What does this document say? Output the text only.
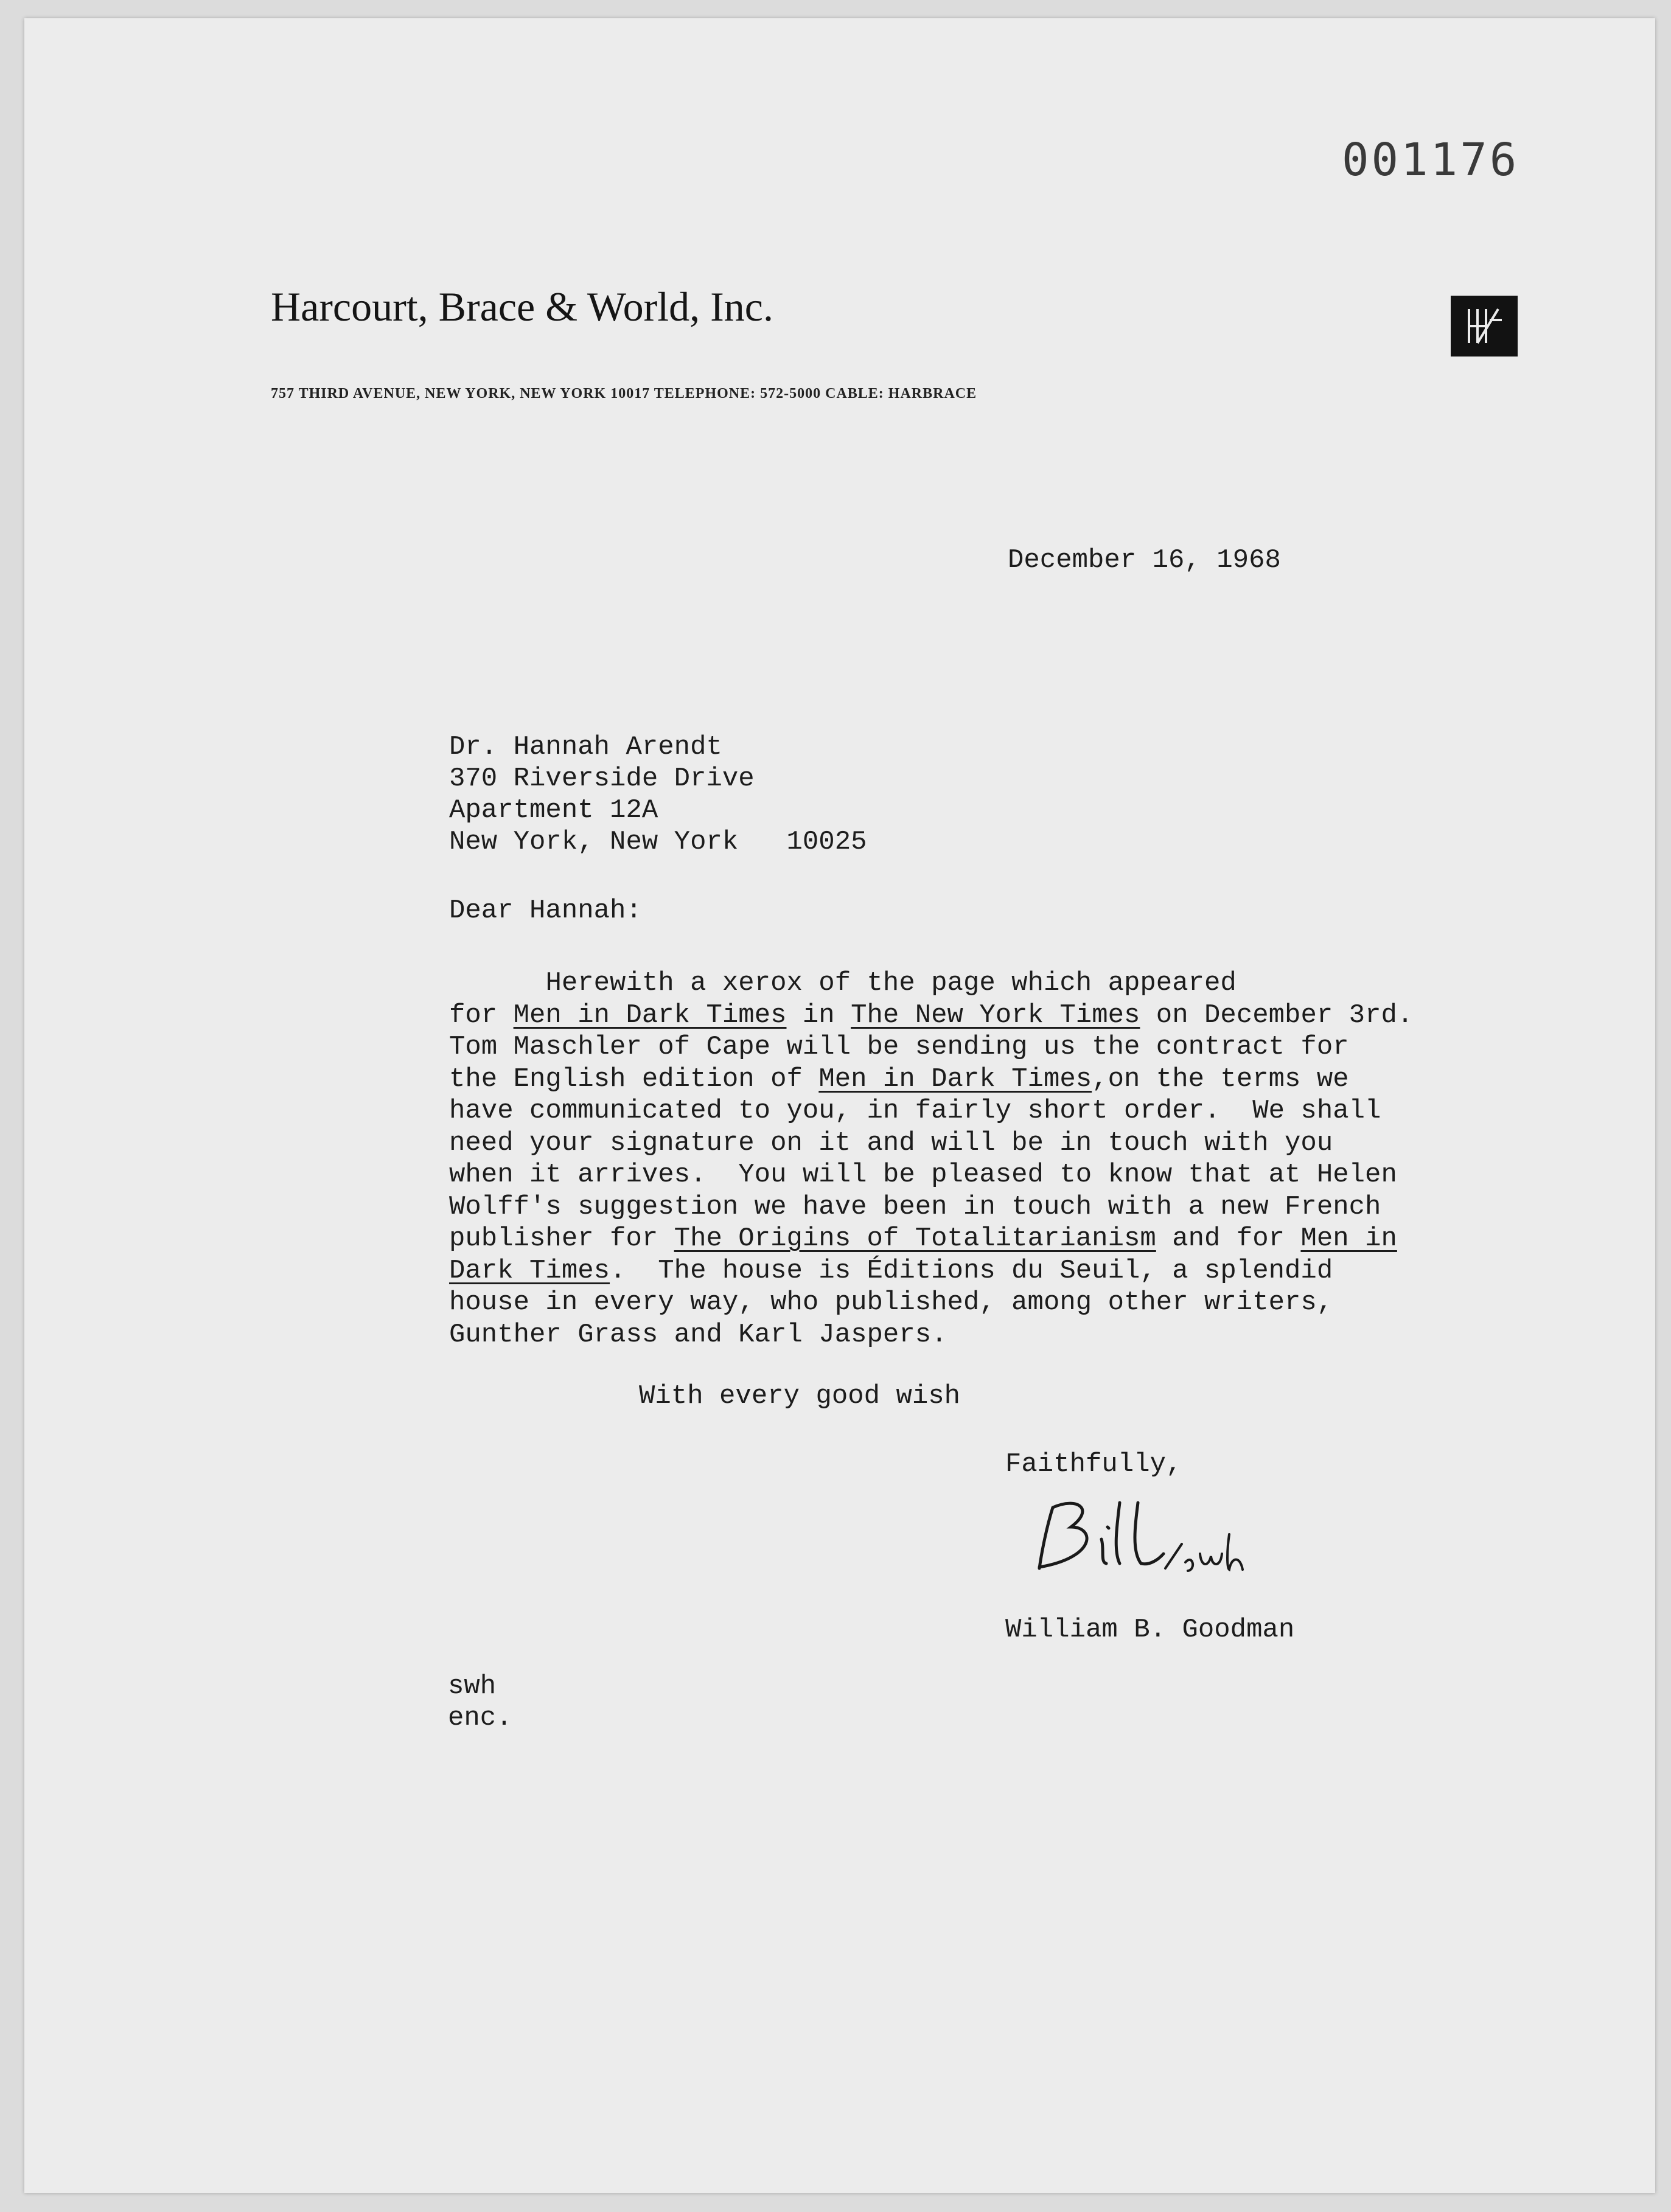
001176
Harcourt, Brace & World, Inc.
757 THIRD AVENUE, NEW YORK, NEW YORK 10017 TELEPHONE: 572-5000 CABLE: HARBRACE
December 16, 1968
Dr. Hannah Arendt
370 Riverside Drive
Apartment 12A
New York, New York   10025
Dear Hannah:
Herewith a xerox of the page which appeared
for Men in Dark Times in The New York Times on December 3rd.
Tom Maschler of Cape will be sending us the contract for
the English edition of Men in Dark Times,on the terms we
have communicated to you, in fairly short order.  We shall
need your signature on it and will be in touch with you
when it arrives.  You will be pleased to know that at Helen
Wolff's suggestion we have been in touch with a new French
publisher for The Origins of Totalitarianism and for Men in
Dark Times.  The house is Éditions du Seuil, a splendid
house in every way, who published, among other writers,
Gunther Grass and Karl Jaspers.
With every good wish
Faithfully,
William B. Goodman
swh
enc.
